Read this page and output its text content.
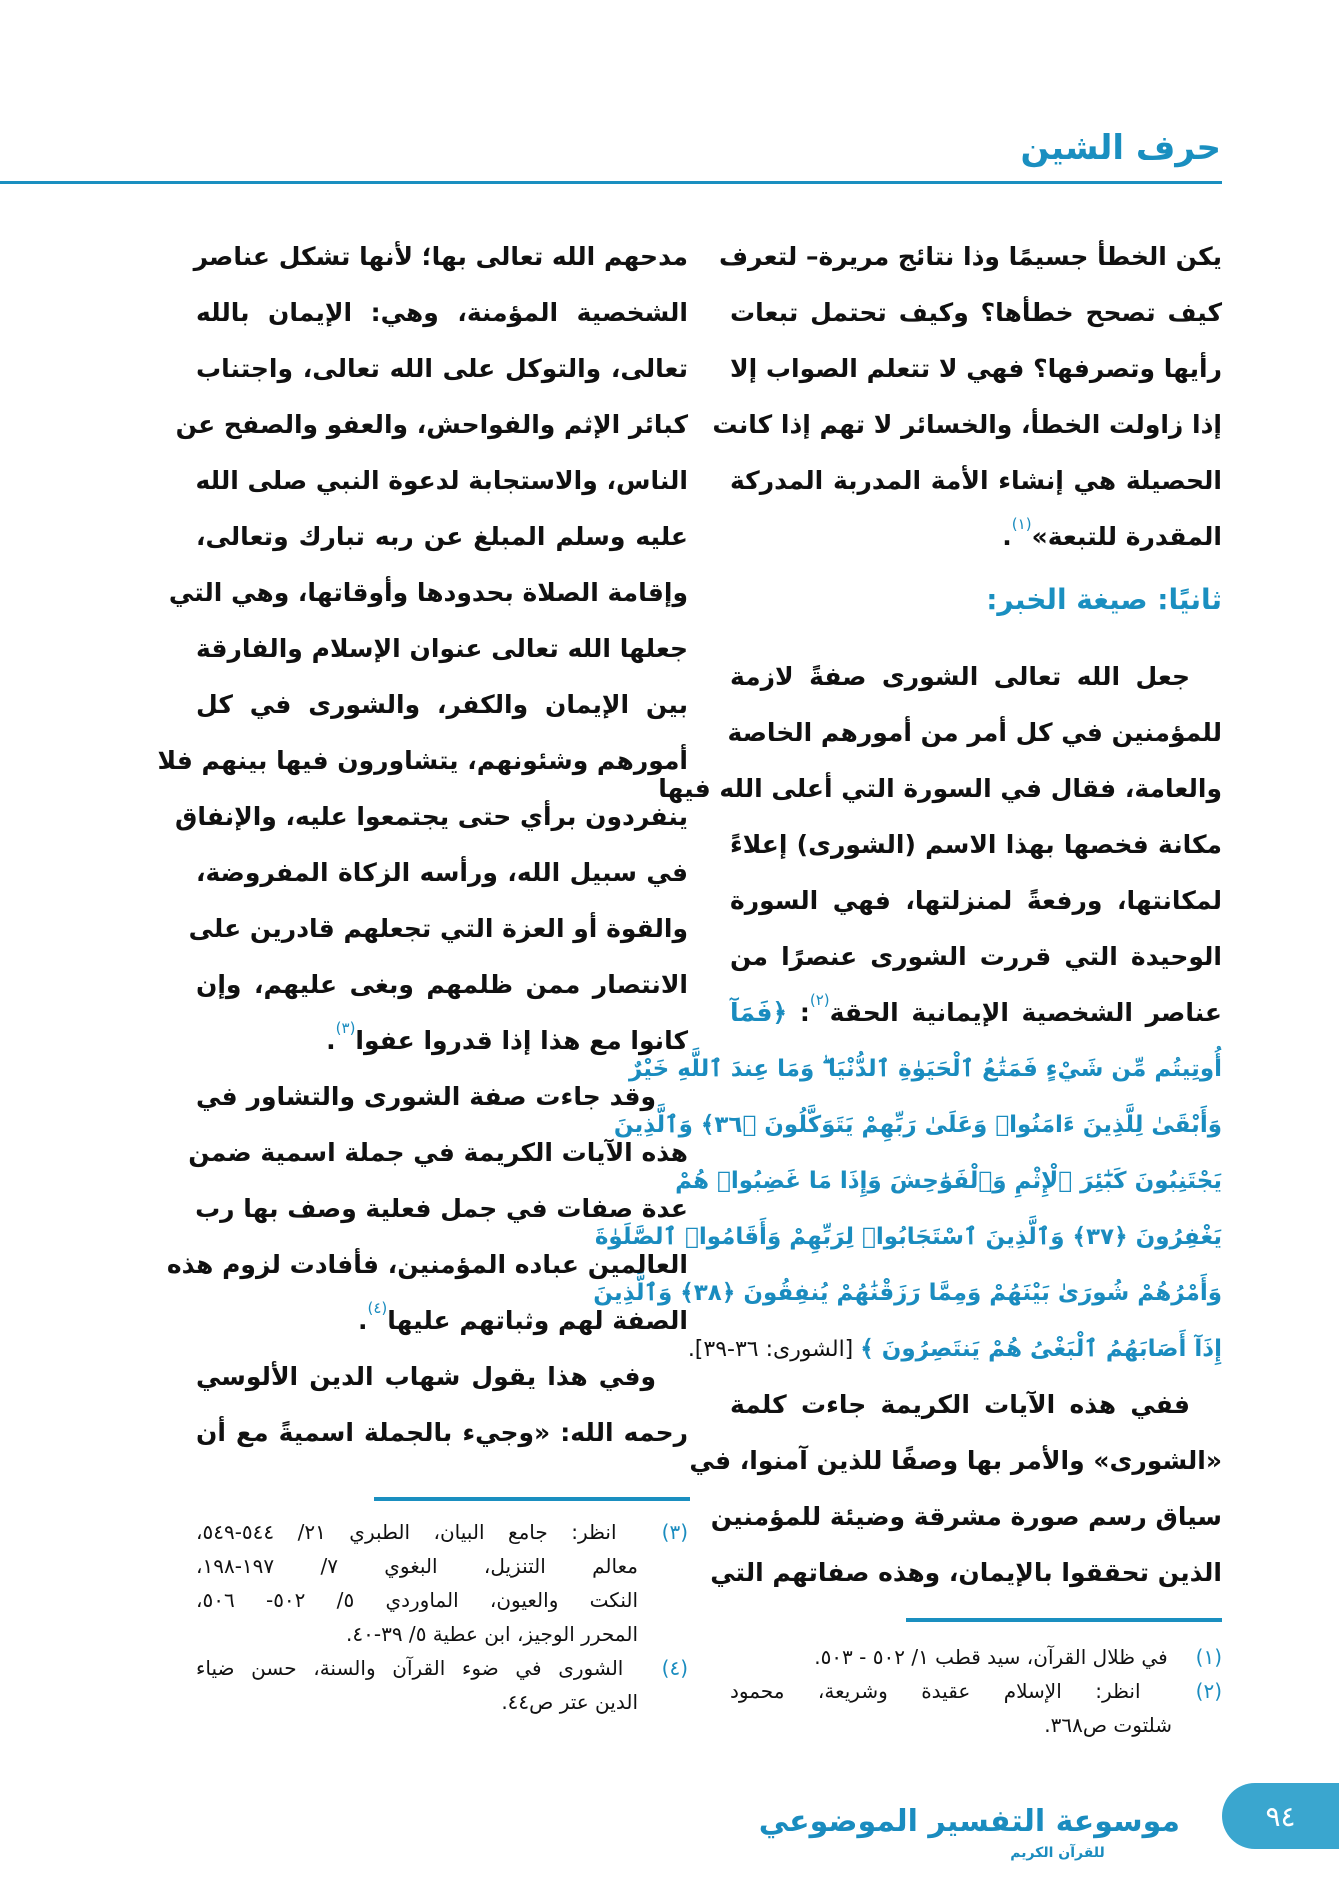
حرف الشين
يكن الخطأ جسيمًا وذا نتائج مريرة– لتعرف
كيف تصحح خطأها؟ وكيف تحتمل تبعات
رأيها وتصرفها؟ فهي لا تتعلم الصواب إلا
إذا زاولت الخطأ، والخسائر لا تهم إذا كانت
الحصيلة هي إنشاء الأمة المدربة المدركة
المقدرة للتبعة»$^{(١)}$.
ثانيًا: صيغة الخبر:
جعل الله تعالى الشورى صفةً لازمة
للمؤمنين في كل أمر من أمورهم الخاصة
والعامة، فقال في السورة التي أعلى الله فيها
مكانة فخصها بهذا الاسم (الشورى) إعلاءً
لمكانتها، ورفعةً لمنزلتها، فهي السورة
الوحيدة التي قررت الشورى عنصرًا من
عناصر الشخصية الإيمانية الحقة$^{(٢)}$: ﴿فَمَآ
أُوتِيتُم مِّن شَيْءٍ فَمَتَٰعُ ٱلْحَيَوٰةِ ٱلدُّنْيَا ۖ وَمَا عِندَ ٱللَّهِ خَيْرٌ
وَأَبْقَىٰ لِلَّذِينَ ءَامَنُوا۟ وَعَلَىٰ رَبِّهِمْ يَتَوَكَّلُونَ ﴿٣٦﴾ وَٱلَّذِينَ
يَجْتَنِبُونَ كَبَٰٓئِرَ ٱلْإِثْمِ وَٱلْفَوَٰحِشَ وَإِذَا مَا غَضِبُوا۟ هُمْ
يَغْفِرُونَ ﴿٣٧﴾ وَٱلَّذِينَ ٱسْتَجَابُوا۟ لِرَبِّهِمْ وَأَقَامُوا۟ ٱلصَّلَوٰةَ
وَأَمْرُهُمْ شُورَىٰ بَيْنَهُمْ وَمِمَّا رَزَقْنَٰهُمْ يُنفِقُونَ ﴿٣٨﴾ وَٱلَّذِينَ
إِذَآ أَصَابَهُمُ ٱلْبَغْىُ هُمْ يَنتَصِرُونَ ﴾ [الشورى: ٣٦-٣٩].
ففي هذه الآيات الكريمة جاءت كلمة
«الشورى» والأمر بها وصفًا للذين آمنوا، في
سياق رسم صورة مشرقة وضيئة للمؤمنين
الذين تحققوا بالإيمان، وهذه صفاتهم التي
(١) في ظلال القرآن، سيد قطب ١/ ٥٠٢ - ٥٠٣.
(٢) انظر: الإسلام عقيدة وشريعة، محمود
شلتوت ص٣٦٨.
مدحهم الله تعالى بها؛ لأنها تشكل عناصر
الشخصية المؤمنة، وهي: الإيمان بالله
تعالى، والتوكل على الله تعالى، واجتناب
كبائر الإثم والفواحش، والعفو والصفح عن
الناس، والاستجابة لدعوة النبي صلى الله
عليه وسلم المبلغ عن ربه تبارك وتعالى،
وإقامة الصلاة بحدودها وأوقاتها، وهي التي
جعلها الله تعالى عنوان الإسلام والفارقة
بين الإيمان والكفر، والشورى في كل
أمورهم وشئونهم، يتشاورون فيها بينهم فلا
ينفردون برأي حتى يجتمعوا عليه، والإنفاق
في سبيل الله، ورأسه الزكاة المفروضة،
والقوة أو العزة التي تجعلهم قادرين على
الانتصار ممن ظلمهم وبغى عليهم، وإن
كانوا مع هذا إذا قدروا عفوا$^{(٣)}$.
وقد جاءت صفة الشورى والتشاور في
هذه الآيات الكريمة في جملة اسمية ضمن
عدة صفات في جمل فعلية وصف بها رب
العالمين عباده المؤمنين، فأفادت لزوم هذه
الصفة لهم وثباتهم عليها$^{(٤)}$.
وفي هذا يقول شهاب الدين الألوسي
رحمه الله: «وجيء بالجملة اسميةً مع أن
(٣) انظر: جامع البيان، الطبري ٢١/ ٥٤٤-٥٤٩،
معالم التنزيل، البغوي ٧/ ١٩٧-١٩٨،
النكت والعيون، الماوردي ٥/ ٥٠٢- ٥٠٦،
المحرر الوجيز، ابن عطية ٥/ ٣٩-٤٠.
(٤) الشورى في ضوء القرآن والسنة، حسن ضياء
الدين عتر ص٤٤.
موسوعة التفسير الموضوعي
للقرآن الكريم
٩٤
